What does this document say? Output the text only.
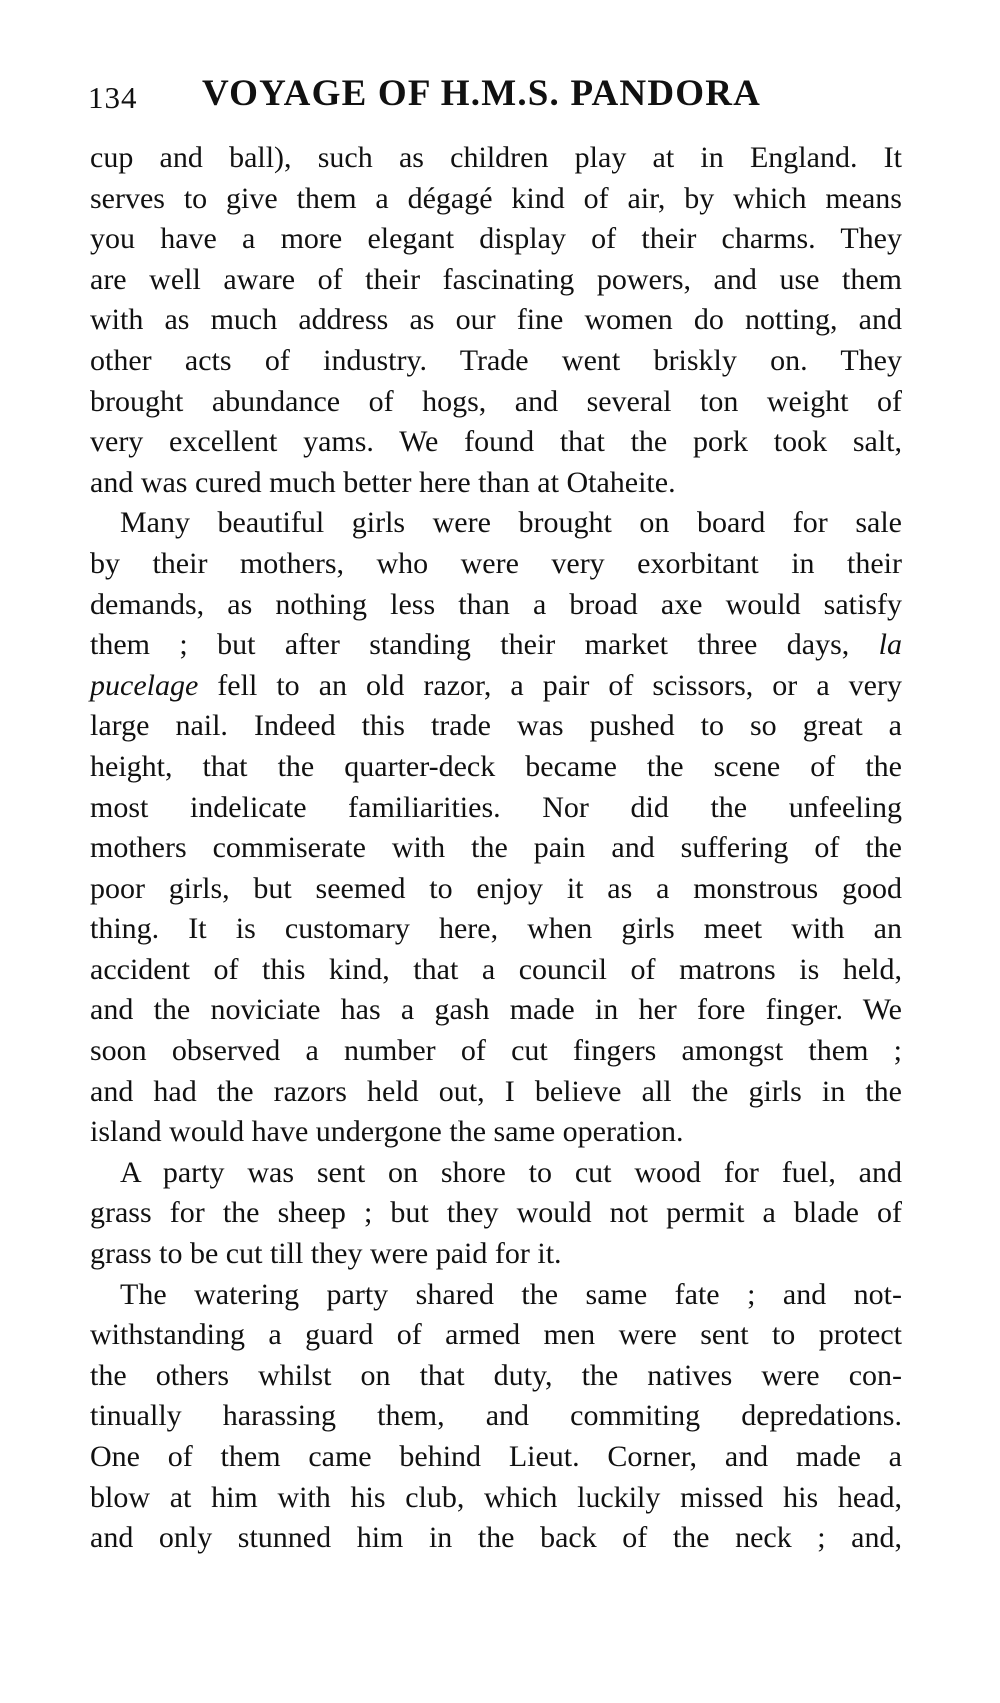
134 VOYAGE OF H.M.S. PANDORA
cup and ball), such as children play at in England. It
serves to give them a dégagé kind of air, by which means
you have a more elegant display of their charms. They
are well aware of their fascinating powers, and use them
with as much address as our fine women do notting, and
other acts of industry. Trade went briskly on. They
brought abundance of hogs, and several ton weight of
very excellent yams. We found that the pork took salt,
and was cured much better here than at Otaheite.
Many beautiful girls were brought on board for sale
by their mothers, who were very exorbitant in their
demands, as nothing less than a broad axe would satisfy
them ; but after standing their market three days, la
pucelage fell to an old razor, a pair of scissors, or a very
large nail. Indeed this trade was pushed to so great a
height, that the quarter-deck became the scene of the
most indelicate familiarities. Nor did the unfeeling
mothers commiserate with the pain and suffering of the
poor girls, but seemed to enjoy it as a monstrous good
thing. It is customary here, when girls meet with an
accident of this kind, that a council of matrons is held,
and the noviciate has a gash made in her fore finger. We
soon observed a number of cut fingers amongst them ;
and had the razors held out, I believe all the girls in the
island would have undergone the same operation.
A party was sent on shore to cut wood for fuel, and
grass for the sheep ; but they would not permit a blade of
grass to be cut till they were paid for it.
The watering party shared the same fate ; and not-
withstanding a guard of armed men were sent to protect
the others whilst on that duty, the natives were con-
tinually harassing them, and commiting depredations.
One of them came behind Lieut. Corner, and made a
blow at him with his club, which luckily missed his head,
and only stunned him in the back of the neck ; and,
